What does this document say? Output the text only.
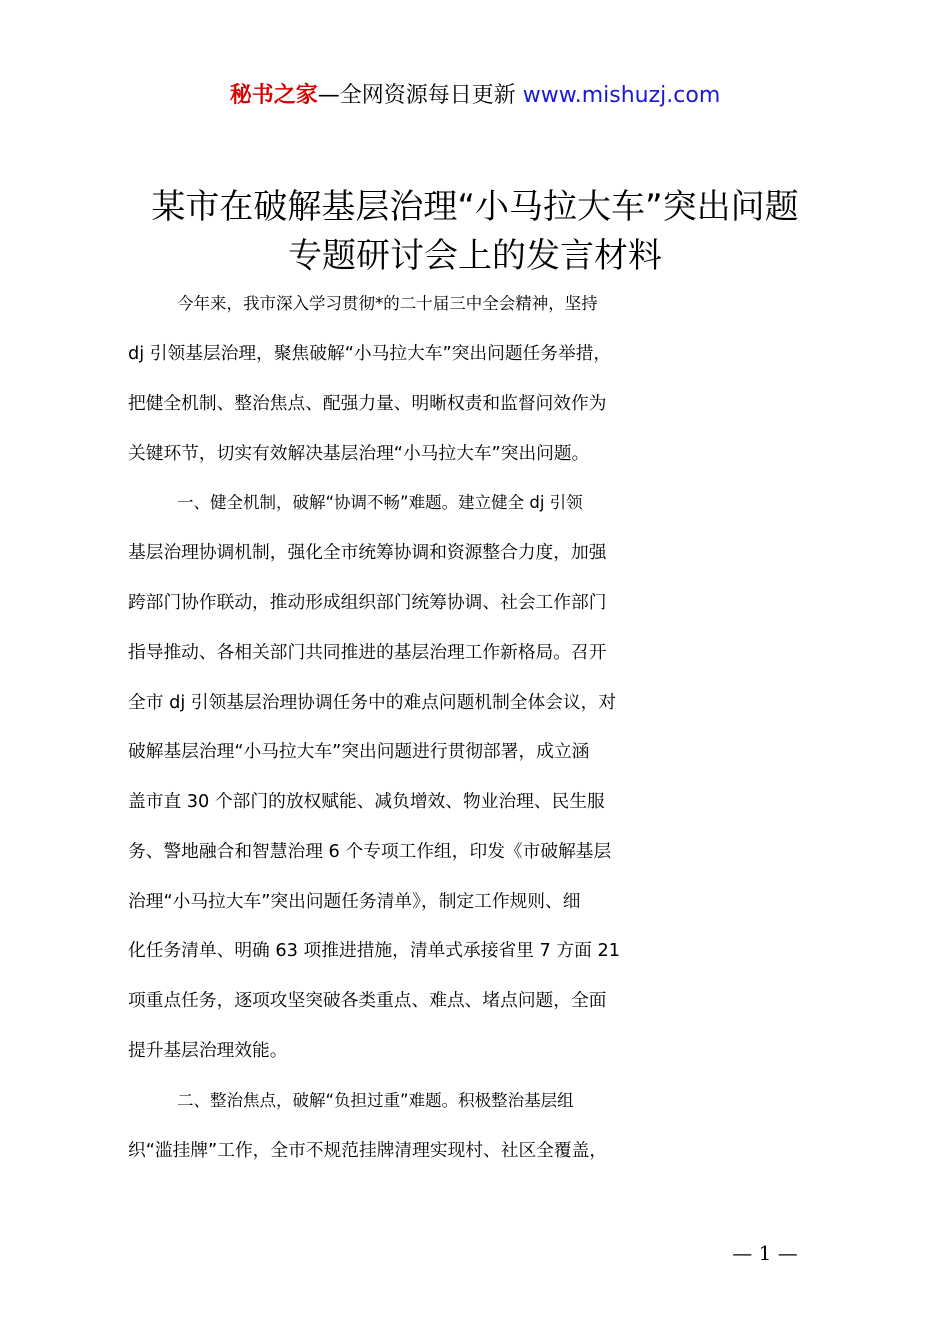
秘书之家—全网资源每日更新 www.mishuzj.com
某市在破解基层治理“小马拉大车”突出问题
专题研讨会上的发言材料
今年来，我市深入学习贯彻*的二十届三中全会精神，坚持
dj 引领基层治理，聚焦破解“小马拉大车”突出问题任务举措，
把健全机制、整治焦点、配强力量、明晰权责和监督问效作为
关键环节，切实有效解决基层治理“小马拉大车”突出问题。
一、健全机制，破解“协调不畅”难题。建立健全 dj 引领
基层治理协调机制，强化全市统筹协调和资源整合力度，加强
跨部门协作联动，推动形成组织部门统筹协调、社会工作部门
指导推动、各相关部门共同推进的基层治理工作新格局。召开
全市 dj 引领基层治理协调任务中的难点问题机制全体会议，对
破解基层治理“小马拉大车”突出问题进行贯彻部署，成立涵
盖市直 30 个部门的放权赋能、减负增效、物业治理、民生服
务、警地融合和智慧治理 6 个专项工作组，印发《市破解基层
治理“小马拉大车”突出问题任务清单》，制定工作规则、细
化任务清单、明确 63 项推进措施，清单式承接省里 7 方面 21
项重点任务，逐项攻坚突破各类重点、难点、堵点问题，全面
提升基层治理效能。
二、整治焦点，破解“负担过重”难题。积极整治基层组
织“滥挂牌”工作，全市不规范挂牌清理实现村、社区全覆盖，
— 1 —
